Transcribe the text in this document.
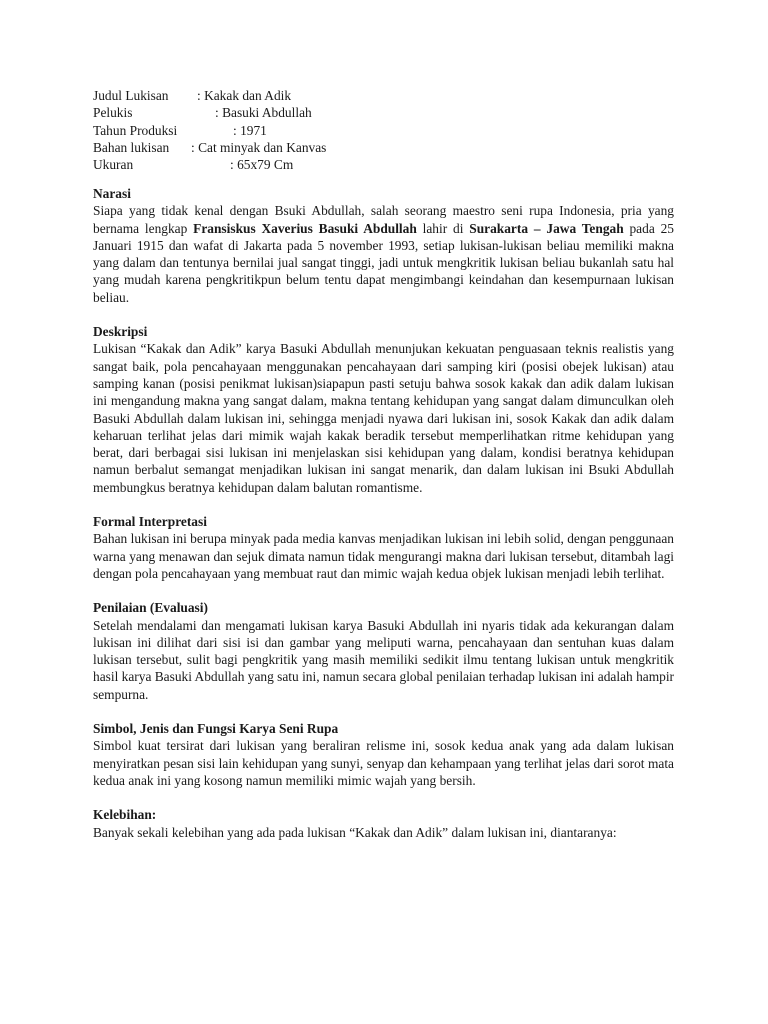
Judul Lukisan : Kakak dan Adik
Pelukis	: Basuki Abdullah
Tahun Produksi	: 1971
Bahan lukisan : Cat minyak dan Kanvas
Ukuran	: 65x79 Cm
Narasi

Siapa yang tidak kenal dengan Bsuki Abdullah, salah seorang maestro seni rupa Indonesia, pria yang bernama lengkap Fransiskus Xaverius Basuki Abdullah lahir di Surakarta – Jawa Tengah pada 25 Januari 1915 dan wafat di Jakarta pada 5 november 1993, setiap lukisan-lukisan beliau memiliki makna yang dalam dan tentunya bernilai jual sangat tinggi, jadi untuk mengkritik lukisan beliau bukanlah satu hal yang mudah karena pengkritikpun belum tentu dapat mengimbangi keindahan dan kesempurnaan lukisan beliau.

Deskripsi

Lukisan “Kakak dan Adik” karya Basuki Abdullah menunjukan kekuatan penguasaan teknis realistis yang sangat baik, pola pencahayaan menggunakan pencahayaan dari samping kiri (posisi obejek lukisan) atau samping kanan (posisi penikmat lukisan)siapapun pasti setuju bahwa sosok kakak dan adik dalam lukisan ini mengandung makna yang sangat dalam, makna tentang kehidupan yang sangat dalam dimunculkan oleh Basuki Abdullah dalam lukisan ini, sehingga menjadi nyawa dari lukisan ini, sosok Kakak dan adik dalam keharuan terlihat jelas dari mimik wajah kakak beradik tersebut memperlihatkan ritme kehidupan yang berat, dari berbagai sisi lukisan ini menjelaskan sisi kehidupan yang dalam, kondisi beratnya kehidupan namun berbalut semangat menjadikan lukisan ini sangat menarik, dan dalam lukisan ini Bsuki Abdullah membungkus beratnya kehidupan dalam balutan romantisme.

Formal Interpretasi

Bahan lukisan ini berupa minyak pada media kanvas menjadikan lukisan ini lebih solid, dengan penggunaan warna yang menawan dan sejuk dimata namun tidak mengurangi makna dari lukisan tersebut, ditambah lagi dengan pola pencahayaan yang membuat raut dan mimic wajah kedua objek lukisan menjadi lebih terlihat.

Penilaian (Evaluasi)

Setelah mendalami dan mengamati lukisan karya Basuki Abdullah ini nyaris tidak ada kekurangan dalam lukisan ini dilihat dari sisi isi dan gambar yang meliputi warna, pencahayaan dan sentuhan kuas dalam lukisan tersebut, sulit bagi pengkritik yang masih memiliki sedikit ilmu tentang lukisan untuk mengkritik hasil karya Basuki Abdullah yang satu ini, namun secara global penilaian terhadap lukisan ini adalah hampir sempurna.

Simbol, Jenis dan Fungsi Karya Seni Rupa

Simbol kuat tersirat dari lukisan yang beraliran relisme ini, sosok kedua anak yang ada dalam lukisan menyiratkan pesan sisi lain kehidupan yang sunyi, senyap dan kehampaan yang terlihat jelas dari sorot mata kedua anak ini yang kosong namun memiliki mimic wajah yang bersih.

Kelebihan:

Banyak sekali kelebihan yang ada pada lukisan “Kakak dan Adik” dalam lukisan ini, diantaranya:
